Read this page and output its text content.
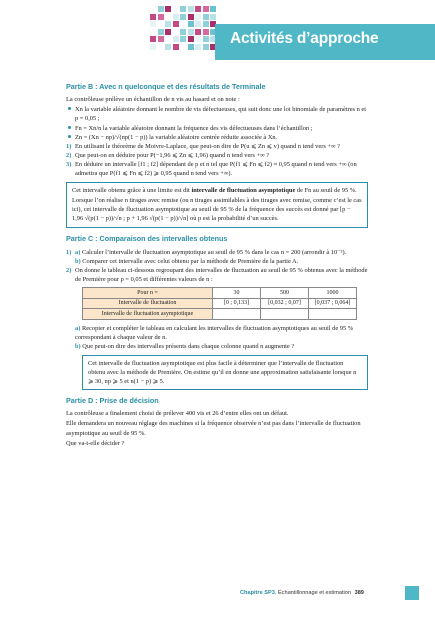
Activités d’approche
Partie B : Avec n quelconque et des résultats de Terminale
La contrôleuse prélève un échantillon de n vis au hasard et on note :
Xn la variable aléatoire donnant le nombre de vis défectueuses, qui suit donc une loi binomiale de paramètres n et p = 0,05 ;
Fn = Xn/n la variable aléatoire donnant la fréquence des vis défectueuses dans l’échantillon ;
Zn = (Xn − np)/√(np(1 − p)) la variable aléatoire centrée réduite associée à Xn.
1) En utilisant le théorème de Moivre-Laplace, que peut-on dire de P(u ⩽ Zn ⩽ v) quand n tend vers +∞ ?
2) Que peut-on en déduire pour P(−1,96 ⩽ Zn ⩽ 1,96) quand n tend vers +∞ ?
3) En déduire un intervalle [f1 ; f2] dépendant de p et n tel que P(f1 ⩽ Fn ⩽ f2) ≈ 0,95 quand n tend vers +∞ (on admettra que P(f1 ⩽ Fn ⩽ f2) ⩾ 0,95 quand n tend vers +∞).
Cet intervalle obtenu grâce à une limite est dit intervalle de fluctuation asymptotique de Fn au seuil de 95 %.
Lorsque l’on réalise n tirages avec remise (ou n tirages assimilables à des tirages avec remise, comme c’est le cas ici), cet intervalle de fluctuation asymptotique au seuil de 95 % de la fréquence des succès est donné par [p − 1,96 √(p(1 − p))/√n ; p + 1,96 √(p(1 − p))/√n] où p est la probabilité d’un succès.
Partie C : Comparaison des intervalles obtenus
1) a) Calculer l’intervalle de fluctuation asymptotique au seuil de 95 % dans le cas n = 200 (arrondir à 10⁻³).
b) Comparer cet intervalle avec celui obtenu par la méthode de Première de la partie A.
2) On donne le tableau ci-dessous regroupant des intervalles de fluctuation au seuil de 95 % obtenus avec la méthode de Première pour p = 0,05 et différentes valeurs de n :
Pour n =	30	500	1000
Intervalle de fluctuation	[0 ; 0,133]	[0,032 ; 0,07]	[0,037 ; 0,064]
Intervalle de fluctuation asymptotique			
a) Recopier et compléter le tableau en calculant les intervalles de fluctuation asymptotiques au seuil de 95 % correspondant à chaque valeur de n.
b) Que peut-on dire des intervalles présents dans chaque colonne quand n augmente ?
Cet intervalle de fluctuation asymptotique est plus facile à déterminer que l’intervalle de fluctuation obtenu avec la méthode de Première. On estime qu’il en donne une approximation satisfaisante lorsque n ⩾ 30, np ⩾ 5 et n(1 − p) ⩾ 5.
Partie D : Prise de décision
La contrôleuse a finalement choisi de prélever 400 vis et 26 d’entre elles ont un défaut.
Elle demandera un nouveau réglage des machines si la fréquence observée n’est pas dans l’intervalle de fluctuation asymptotique au seuil de 95 %.
Que va-t-elle décider ?
Chapitre SP3. Échantillonnage et estimation 389
